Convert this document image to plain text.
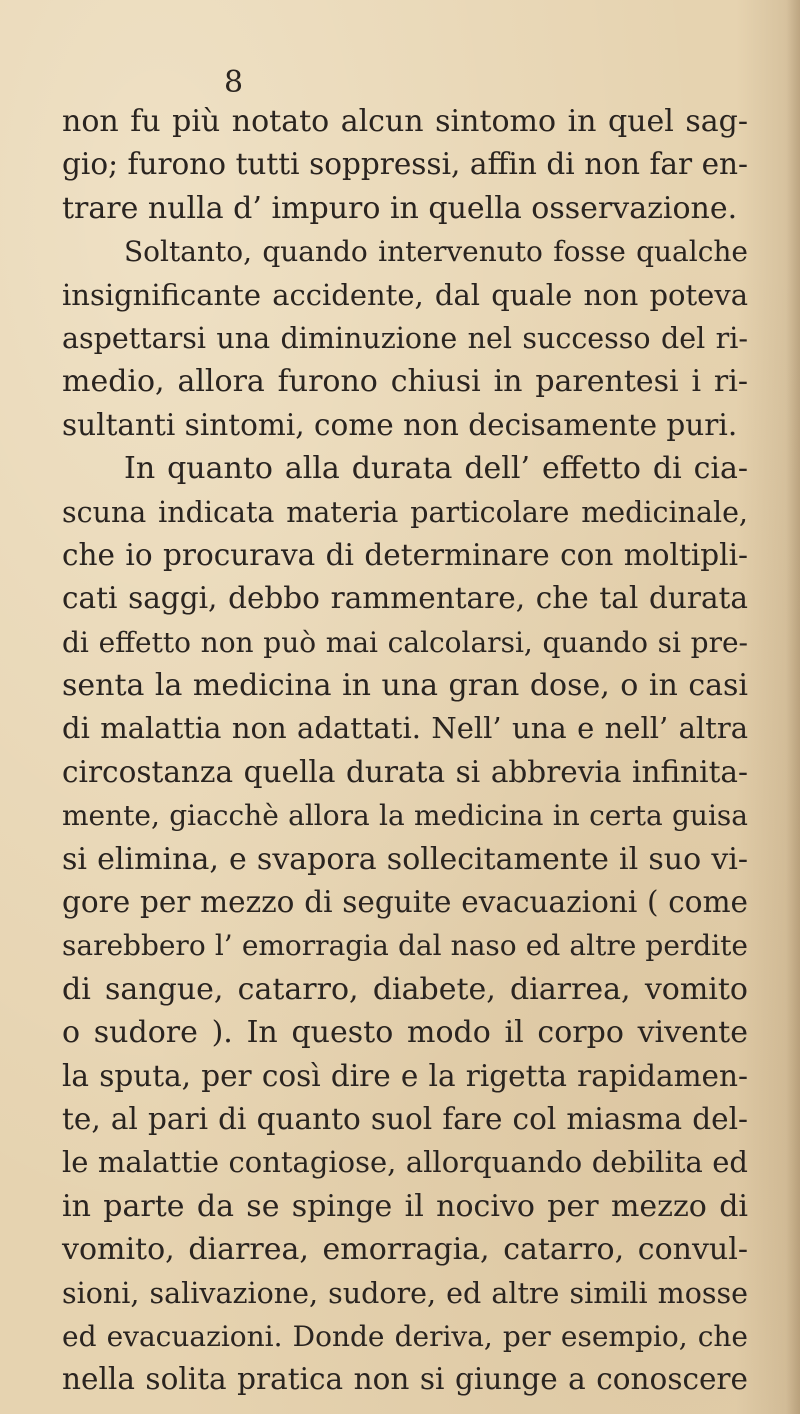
8
non fu più notato alcun sintomo in quel sag-
gio; furono tutti soppressi, affin di non far en-
trare nulla d’ impuro in quella osservazione.
Soltanto, quando intervenuto fosse qualche
insignificante accidente, dal quale non poteva
aspettarsi una diminuzione nel successo del ri-
medio, allora furono chiusi in parentesi i ri-
sultanti sintomi, come non decisamente puri.
In quanto alla durata dell’ effetto di cia-
scuna indicata materia particolare medicinale,
che io procurava di determinare con moltipli-
cati saggi, debbo rammentare, che tal durata
di effetto non può mai calcolarsi, quando si pre-
senta la medicina in una gran dose, o in casi
di malattia non adattati. Nell’ una e nell’ altra
circostanza quella durata si abbrevia infinita-
mente, giacchè allora la medicina in certa guisa
si elimina, e svapora sollecitamente il suo vi-
gore per mezzo di seguite evacuazioni ( come
sarebbero l’ emorragia dal naso ed altre perdite
di sangue, catarro, diabete, diarrea, vomito
o sudore ). In questo modo il corpo vivente
la sputa, per così dire e la rigetta rapidamen-
te, al pari di quanto suol fare col miasma del-
le malattie contagiose, allorquando debilita ed
in parte da se spinge il nocivo per mezzo di
vomito, diarrea, emorragia, catarro, convul-
sioni, salivazione, sudore, ed altre simili mosse
ed evacuazioni. Donde deriva, per esempio, che
nella solita pratica non si giunge a conoscere
